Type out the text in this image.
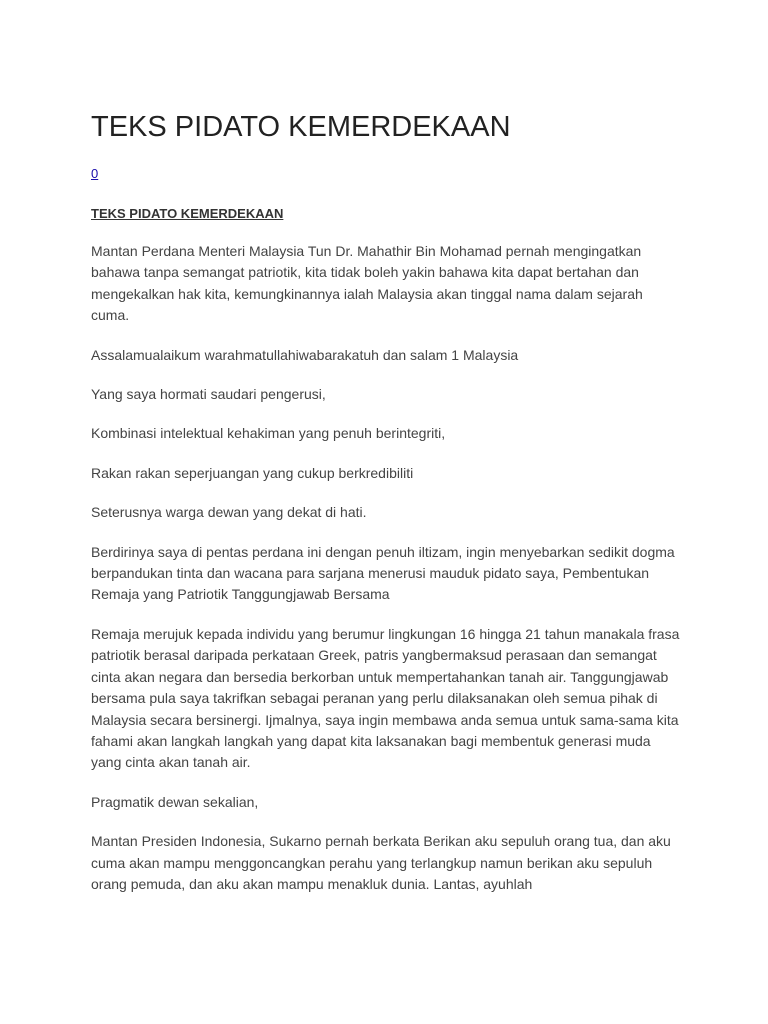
TEKS PIDATO KEMERDEKAAN
0
TEKS PIDATO KEMERDEKAAN

Mantan Perdana Menteri Malaysia Tun Dr. Mahathir Bin Mohamad pernah mengingatkan bahawa tanpa semangat patriotik, kita tidak boleh yakin bahawa kita dapat bertahan dan mengekalkan hak kita, kemungkinannya ialah Malaysia akan tinggal nama dalam sejarah cuma.

Assalamualaikum warahmatullahiwabarakatuh dan salam 1 Malaysia

Yang saya hormati saudari pengerusi,

Kombinasi intelektual kehakiman yang penuh berintegriti,

Rakan rakan seperjuangan yang cukup berkredibiliti

Seterusnya warga dewan yang dekat di hati.

Berdirinya saya di pentas perdana ini dengan penuh iltizam, ingin menyebarkan sedikit dogma berpandukan tinta dan wacana para sarjana menerusi mauduk pidato saya, Pembentukan Remaja yang Patriotik Tanggungjawab Bersama

Remaja merujuk kepada individu yang berumur lingkungan 16 hingga 21 tahun manakala frasa patriotik berasal daripada perkataan Greek, patris yangbermaksud perasaan dan semangat cinta akan negara dan bersedia berkorban untuk mempertahankan tanah air. Tanggungjawab bersama pula saya takrifkan sebagai peranan yang perlu dilaksanakan oleh semua pihak di Malaysia secara bersinergi. Ijmalnya, saya ingin membawa anda semua untuk sama-sama kita fahami akan langkah langkah yang dapat kita laksanakan bagi membentuk generasi muda yang cinta akan tanah air.

Pragmatik dewan sekalian,

Mantan Presiden Indonesia, Sukarno pernah berkata Berikan aku sepuluh orang tua, dan aku cuma akan mampu menggoncangkan perahu yang terlangkup namun berikan aku sepuluh orang pemuda, dan aku akan mampu menakluk dunia. Lantas, ayuhlah
